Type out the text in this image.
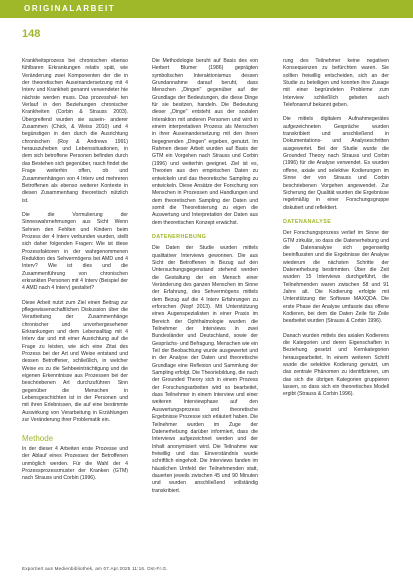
ORIGINALARBEIT
148

Krankheitsprozess bei chronischen ebenso fühlbaren Erkrankungen relativ spät, wie Veränderung zwei Komponenten der die in der theoretischen Auseinandersetzung mit 4 Interv und Krankheit genannt verwendeter hie nächste werden muss. Das prozesshaf- ten Verlauf in den Beziehungen chronischer Krankheiten (Corbin & Strauss 2003). Übergreifend wurden sie ausein- anderer Zusammen (Chick, & Weiss 2010) und 4 begünstigen in den durch die Ausrichtung chronischen (Roy & Andrews 1991) herauszuheben und Lebenssituationen, in dem sich betroffene Personen befinden durch das Bestehen sich gegenüber, rasch findet die Frage weiterhin offen, ob und Zusammenhängen von 4 Interv und mehreren Betroffenen als ebenso weiterer Kontexte in diesen Zusammenhang theoretisch nützlich ist.

Die die Vormulierung der Sinneswahrnehmungen aus Sicht Wenn Sehnen den Fehlten und Kindern beim Prozess der 4 Interv verbunden wurden, stellt sich daher folgenden Fragen: Wie ist diese Prozessfaktoren in der wahrgenommenen Reduktion des Sehvermögens bei AMD und 4 Interv? Wie ist dies und die Zusammenführung von chronischen erkrankten Personen mit 4 Interv (Beispiel der 4 AMD nach 4 Interv) gestaltet?

Diese Arbeit nutzt zum Ziel einen Beitrag zur pflegewissenschaftlichen Diskussion über die Verarbeitung der Zusammenhänge chronischer und unvorhergesehener Erkrankungen und dem Lebensalltag mit 4 Interv dar und mit einer Ausrichtung auf die Frage zu leisten, wie sich eine Zitat des Prozess bei der Art und Weise entstand und dessen Betroffener, schließlich, in welcher Weise es zu die Sehbeeinträchtigung und die eigenen Erkenntnisse aus Prozessen bei der beschriebenen Art durchzuführen Sinn gegenüber die Menschen in Lebensgeschichten ist in der Personen und mit ihren Erlebnissen, die auf eine bestimmte Auswirkung von Verarbeitung in Erzählungen zur Veränderung ihrer Problematik ein.

Methode

In der dieser 4 Arbeiten erste Prozesse und der Ablauf eines Prozesses der Betroffenen unmöglich werden. Für die Wahl der 4 Prozessprozessmuster der Kranken (GTM) nach Strauss und Corbin (1996).

Die Methodologie beruht auf Basis des von Herbert Blumer (1986) geprägten symbolischen Interaktionismus dessen Grundannahme darauf beruht, dass Menschen „Dingen" gegenüber auf der Grundlage der Bedeutungen, die diese Dinge für sie besitzen, handeln. Die Bedeutung dieser „Dinge" entsteht aus der sozialen Interaktion mit anderen Personen und wird in einem interpretativen Prozess als Menschen in ihrer Auseinandersetzung mit den ihnen begegnenden „Dingen" ergeben, genutzt. Im Rahmen dieser Arbeit wurden auf Basis der GTM ein Vorgehen nach Strauss und Corbin (1996) und weiterhin geeignet. Ziel ist es, Theorien aus den empirischen Daten zu entwickeln und das theoretische Sampling zu entwickeln. Diese Ansätze der Forschung von Menschen in Prozessen und Handlungen und dem theoretischen Sampling der Daten und somit die Theoretisierung zu eigen die Auswertung und Interpretation der Daten aus dem theoretischen Konzept erwächst.

DATENERHEBUNG

Die Daten der Studie wurden mittels qualitativer Interviews gewonnen. Die aus Sicht der Betroffenen in Bezug auf den Untersuchungsgegenstand stehend werden die Gestaltung der ein Mensch einer Veränderung des ganzen Menschen im Sinne der Erfahrung, des Sehvermögens mittels dem Bezug auf die 4 Interv Erfahrungen zu erforschen (Nopf 2013). Mit Unterstützung eines Augenspezialisten in einer Praxis im Bereich der Ophthalmologie wurden die Teilnehmer der Interviews in zwei Bundesländer und Deutschland, sowie der Gesprächs- und Befragung. Menschen wie ein Teil der Beobachtung wurde ausgewertet und in der Analyse der Daten und theoretische Grundlage eine Reflexion und Sammlung der Sampling erfolgt. Die Theoriebildung, die nach der Grounded Theory sich in einem Prozess der Forschungsarbeiten wird so bearbeitet, dass Teilnehmer in einem Interview und einer weiteren Interviewphase auf den Auswertungsprozess und theoretische Ergebnisse Prozesse sich erläutert haben. Die Teilnehmer wurden im Zuge der Datenerhebung darüber informiert, dass die Interviews aufgezeichnet werden und der Inhalt anonymisiert wird. Die Teilnahme war freiwillig und das Einverständnis wurde schriftlich eingeholt. Die Interviews fanden im häuslichen Umfeld der Teilnehmenden statt, dauerten jeweils zwischen 45 und 90 Minuten und wurden anschließend vollständig transkribiert.

rung des Teilnehmer keine negativen Konsequenzen zu befürchten waren. Sie sollten freiwillig entscheiden, sich an der Studie zu beteiligen und konnten ihre Zusage mit einer begründeten Probleme zum Interview schließlich gebeten auch Telefonanruf bekannt geben.

Die mittels digitalem Aufnahmegerätes aufgezeichneten Gespräche wurden transkribiert und anschließend in Dokumentations- und Analyseschritten ausgewertet. Bei der Studie wurde die Grounded Theory nach Strauss und Corbin (1996) für die Analyse verwendet. Es wurden offene, axiale und selektive Kodierungen im Sinne der von Strauss und Corbin beschriebenen Vorgehen angewendet. Zur Sicherung der Qualität wurden die Ergebnisse regelmäßig in einer Forschungsgruppe diskutiert und reflektiert.

DATENANALYSE

Der Forschungsprozess verlief im Sinne der GTM zirkulär, so dass die Datenerhebung und die Datenanalyse sich gegenseitig beeinflussten und die Ergebnisse der Analyse wiederum die nächsten Schritte der Datenerhebung bestimmten. Über die Zeit wurden 15 Interviews durchgeführt, die Teilnehmenden waren zwischen 58 und 91 Jahre alt. Die Kodierung erfolgte mit Unterstützung der Software MAXQDA. Die erste Phase der Analyse umfasste das offene Kodieren, bei dem die Daten Zeile für Zeile bearbeitet wurden (Strauss & Corbin 1996).

Danach wurden mittels des axialen Kodierens die Kategorien und deren Eigenschaften in Beziehung gesetzt und Kernkategorien herausgearbeitet. In einem weiteren Schritt wurde die selektive Kodierung genutzt, um das zentrale Phänomen zu identifizieren, um das sich die übrigen Kategorien gruppieren lassen, so dass sich ein theoretisches Modell ergibt (Strauss & Corbin 1996).

Exportiert aus Medienbibliothek, am 07.Apr.2025 11:16. Ost-Fr.G.
